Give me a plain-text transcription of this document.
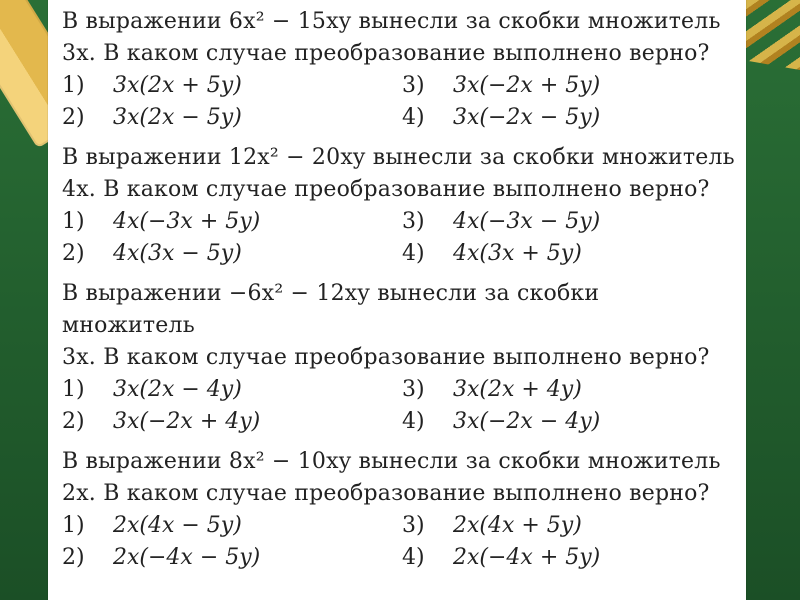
В выражении 6x² − 15xy вынесли за скобки множитель
3x. В каком случае преобразование выполнено верно?
1) 3x(2x + 5y)	3) 3x(−2x + 5y)
2) 3x(2x − 5y)	4) 3x(−2x − 5y)
В выражении 12x² − 20xy вынесли за скобки множитель
4x. В каком случае преобразование выполнено верно?
1) 4x(−3x + 5y)	3) 4x(−3x − 5y)
2) 4x(3x − 5y)	4) 4x(3x + 5y)
В выражении −6x² − 12xy вынесли за скобки множитель
3x. В каком случае преобразование выполнено верно?
1) 3x(2x − 4y)	3) 3x(2x + 4y)
2) 3x(−2x + 4y)	4) 3x(−2x − 4y)
В выражении 8x² − 10xy вынесли за скобки множитель
2x. В каком случае преобразование выполнено верно?
1) 2x(4x − 5y)	3) 2x(4x + 5y)
2) 2x(−4x − 5y)	4) 2x(−4x + 5y)
